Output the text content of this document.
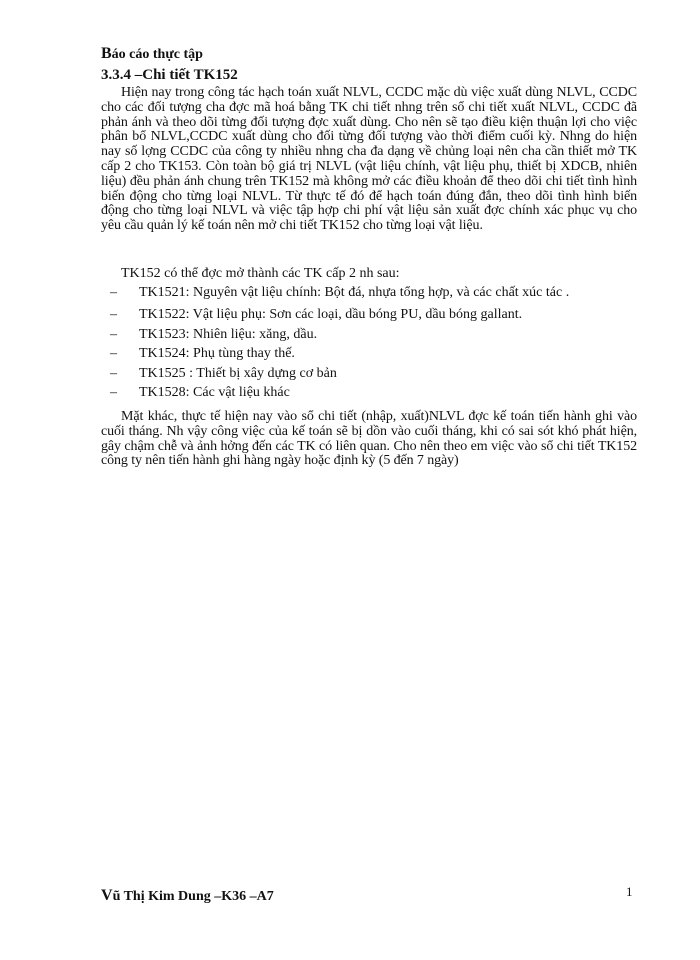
Báo cáo thực tập
3.3.4 –Chi tiết TK152

Hiện nay trong công tác hạch toán xuất NLVL, CCDC mặc dù việc xuất dùng NLVL, CCDC cho các đối tượng cha đợc mã hoá bằng TK chi tiết nhng trên sổ chi tiết xuất NLVL, CCDC đã phản ánh và theo dõi từng đối tượng đợc xuất dùng. Cho nên sẽ tạo điều kiện thuận lợi cho việc phân bổ NLVL,CCDC xuất dùng cho đối từng đối tượng vào thời điểm cuối kỳ. Nhng do hiện nay số lợng CCDC của công ty nhiều nhng cha đa dạng về chủng loại nên cha cần thiết mở TK cấp 2 cho TK153. Còn toàn bộ giá trị NLVL (vật liệu chính, vật liệu phụ, thiết bị XDCB, nhiên liệu) đều phản ánh chung trên TK152 mà không mở các điều khoản để theo dõi chi tiết tình hình biến động cho từng loại NLVL. Từ thực tế đó để hạch toán đúng đắn, theo dõi tình hình biến động cho từng loại NLVL và việc tập hợp chi phí vật liệu sản xuất đợc chính xác phục vụ cho yêu cầu quản lý kế toán nên mở chi tiết TK152 cho từng loại vật liệu.

TK152 có thể đợc mở thành các TK cấp 2 nh sau:
– TK1521: Nguyên vật liệu chính: Bột đá, nhựa tổng hợp, và các chất xúc tác .
– TK1522: Vật liệu phụ: Sơn các loại, dầu bóng PU, dầu bóng gallant.
– TK1523: Nhiên liệu: xăng, dầu.
– TK1524: Phụ tùng thay thế.
– TK1525 : Thiết bị xây dựng cơ bản
– TK1528: Các vật liệu khác

Mặt khác, thực tế hiện nay vào sổ chi tiết (nhập, xuất)NLVL đợc kế toán tiến hành ghi vào cuối tháng. Nh vậy công việc của kế toán sẽ bị dồn vào cuối tháng, khi có sai sót khó phát hiện, gây chậm chễ và ảnh hởng đến các TK có liên quan. Cho nên theo em việc vào sổ chi tiết TK152 công ty nên tiến hành ghi hàng ngày hoặc định kỳ (5 đến 7 ngày)

Vũ Thị Kim Dung –K36 –A7	1
